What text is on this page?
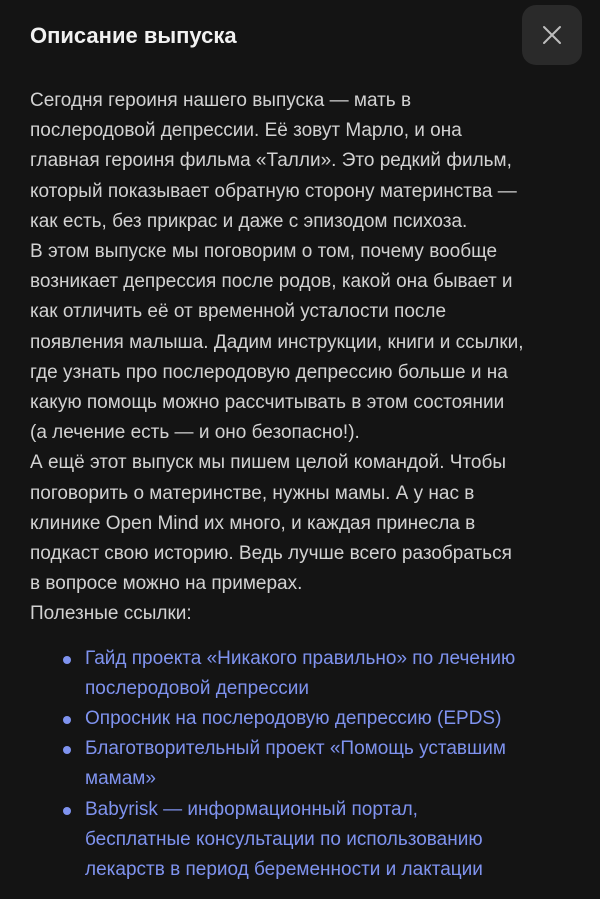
Описание выпуска

Сегодня героиня нашего выпуска — мать в
послеродовой депрессии. Её зовут Марло, и она
главная героиня фильма «Талли». Это редкий фильм,
который показывает обратную сторону материнства —
как есть, без прикрас и даже с эпизодом психоза.

В этом выпуске мы поговорим о том, почему вообще
возникает депрессия после родов, какой она бывает и
как отличить её от временной усталости после
появления малыша. Дадим инструкции, книги и ссылки,
где узнать про послеродовую депрессию больше и на
какую помощь можно рассчитывать в этом состоянии
(а лечение есть — и оно безопасно!).

А ещё этот выпуск мы пишем целой командой. Чтобы
поговорить о материнстве, нужны мамы. А у нас в
клинике Open Mind их много, и каждая принесла в
подкаст свою историю. Ведь лучше всего разобраться
в вопросе можно на примерах.

Полезные ссылки:

Гайд проекта «Никакого правильно» по лечению
послеродовой депрессии
Опросник на послеродовую депрессию (EPDS)
Благотворительный проект «Помощь уставшим
мамам»
Babyrisk — информационный портал,
бесплатные консультации по использованию
лекарств в период беременности и лактации
